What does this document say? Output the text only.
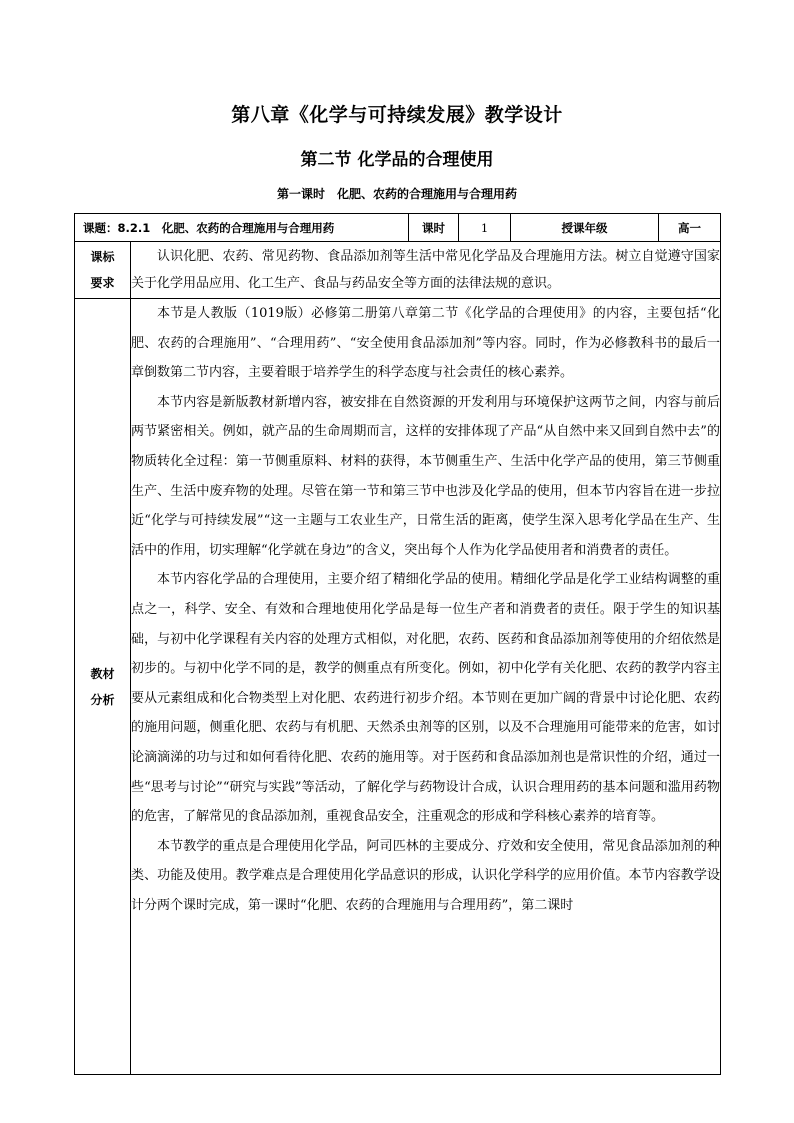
第八章《化学与可持续发展》教学设计
第二节 化学品的合理使用
第一课时　化肥、农药的合理施用与合理用药
课题：8.2.1　化肥、农药的合理施用与合理用药		课时	1	授课年级	高一
课标要求	认识化肥、农药、常见药物、食品添加剂等生活中常见化学品及合理施用方法。树立自觉遵守国家关于化学用品应用、化工生产、食品与药品安全等方面的法律法规的意识。				

教材分析	本节是人教版（1019版）必修第二册第八章第二节《化学品的合理使用》的内容，主要包括“化肥、农药的合理施用”、“合理用药”、“安全使用食品添加剂”等内容。同时，作为必修教科书的最后一章倒数第二节内容，主要着眼于培养学生的科学态度与社会责任的核心素养。

本节内容是新版教材新增内容，被安排在自然资源的开发利用与环境保护这两节之间，内容与前后两节紧密相关。例如，就产品的生命周期而言，这样的安排体现了产品“从自然中来又回到自然中去”的物质转化全过程：第一节侧重原料、材料的获得，本节侧重生产、生活中化学产品的使用，第三节侧重生产、生活中废弃物的处理。尽管在第一节和第三节中也涉及化学品的使用，但本节内容旨在进一步拉近“化学与可持续发展”“这一主题与工农业生产，日常生活的距离，使学生深入思考化学品在生产、生活中的作用，切实理解“化学就在身边”的含义，突出每个人作为化学品使用者和消费者的责任。

本节内容化学品的合理使用，主要介绍了精细化学品的使用。精细化学品是化学工业结构调整的重点之一，科学、安全、有效和合理地使用化学品是每一位生产者和消费者的责任。限于学生的知识基础，与初中化学课程有关内容的处理方式相似，对化肥，农药、医药和食品添加剂等使用的介绍依然是初步的。与初中化学不同的是，教学的侧重点有所变化。例如，初中化学有关化肥、农药的教学内容主要从元素组成和化合物类型上对化肥、农药进行初步介绍。本节则在更加广阔的背景中讨论化肥、农药的施用问题，侧重化肥、农药与有机肥、天然杀虫剂等的区别，以及不合理施用可能带来的危害，如讨论滴滴涕的功与过和如何看待化肥、农药的施用等。对于医药和食品添加剂也是常识性的介绍，通过一些“思考与讨论”“研究与实践”等活动，了解化学与药物设计合成，认识合理用药的基本问题和滥用药物的危害，了解常见的食品添加剂，重视食品安全，注重观念的形成和学科核心素养的培育等。

本节教学的重点是合理使用化学品，阿司匹林的主要成分、疗效和安全使用，常见食品添加剂的种类、功能及使用。教学难点是合理使用化学品意识的形成，认识化学科学的应用价值。本节内容教学设计分两个课时完成，第一课时“化肥、农药的合理施用与合理用药”，第二课时				
